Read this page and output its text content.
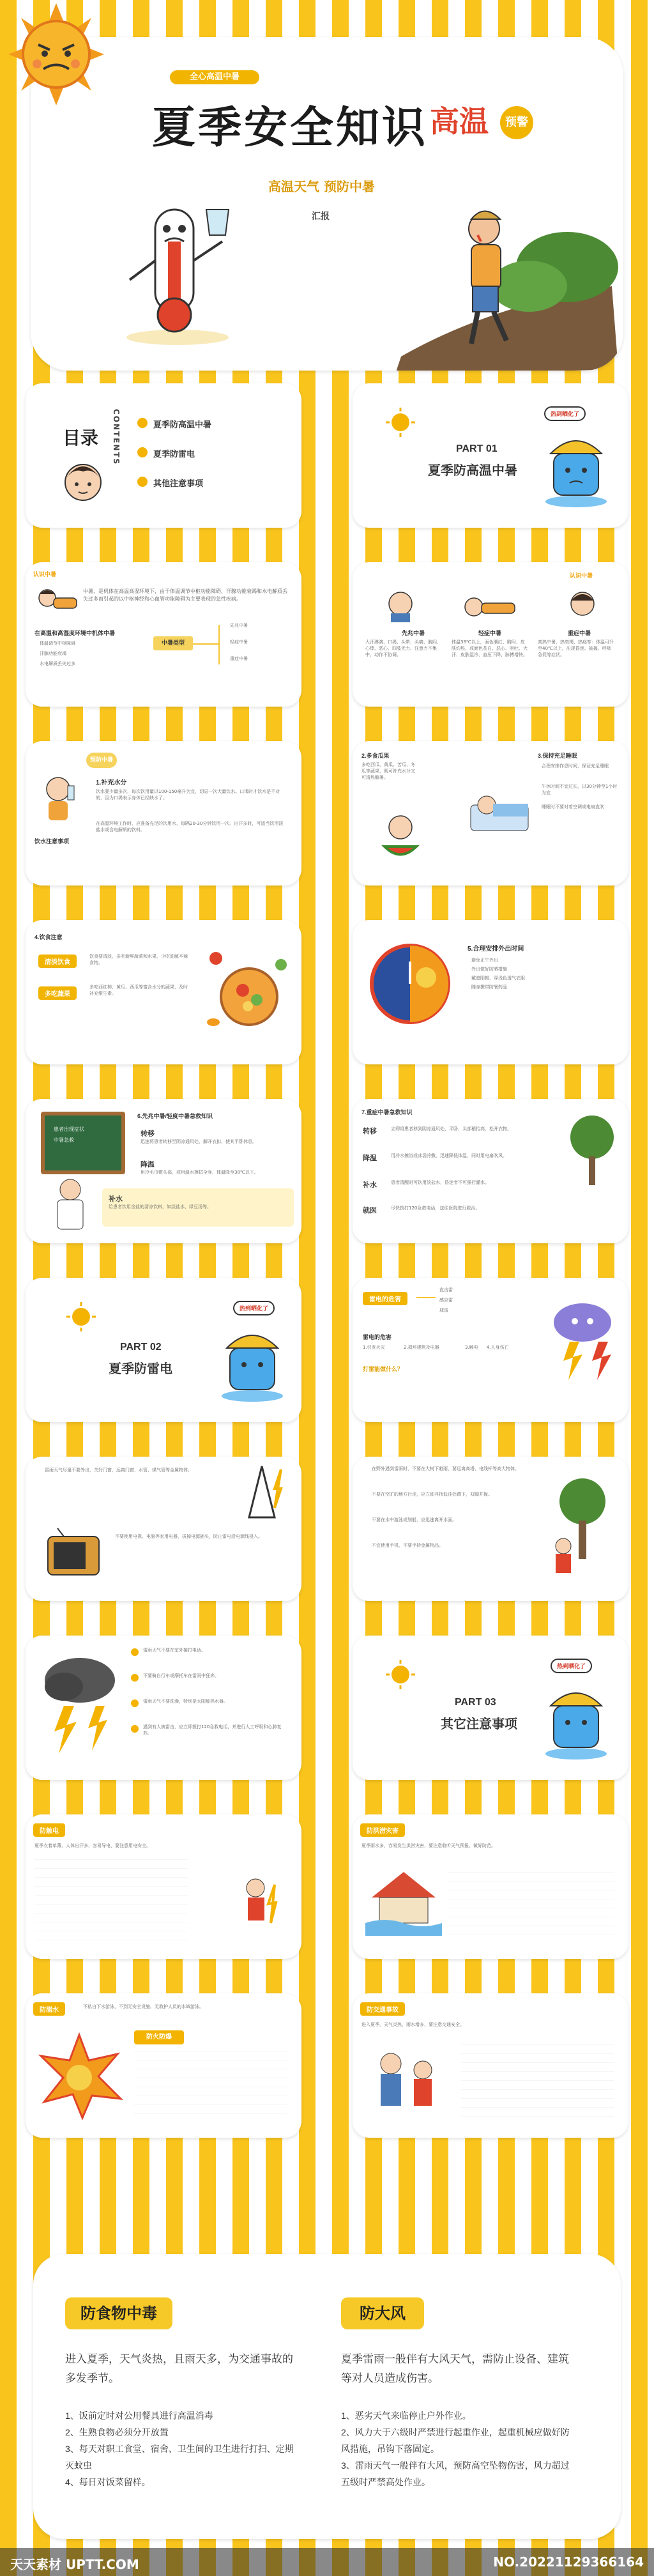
全心高温中暑
夏季安全知识 高温	预警
高温天气 预防中暑
汇报
目录 CONTENTS	夏季防高温中暑
夏季防雷电
其他注意事项
PART 01
夏季防高温中暑
热到晒化了
认识中暑
中暑，是机体在高温高湿环境下，由于体温调节中枢功能障碍、汗腺功能衰竭和水电解质丢失过多而引起的以中枢神经和心血管功能障碍为主要表现的急性疾病。
在高温和高湿度环境中机体中暑
体温调节中枢障碍
汗腺功能衰竭
水电解质丢失过多
中暑类型
先兆中暑
轻症中暑
重症中暑
认识中暑
先兆中暑
大汗淋漓、口渴、头晕、头痛、胸闷、心悸、恶心、四肢无力、注意力不集中、动作不协调。
轻症中暑
体温38℃以上，面色潮红、胸闷、皮肤灼热，或面色苍白、恶心、呕吐、大汗、皮肤湿冷、血压下降、脉搏增快。
重症中暑
高热中暑、热衰竭、热痉挛：体温可升至40℃以上，出现昏迷、抽搐、呼吸急促等症状。
预防中暑
饮水注意事项
1.补充水分
饮水要少量多次，每次饮用量以100-150毫升为宜，切忌一次大量饮水。口渴时才饮水是不对的，因为口渴表示身体已经缺水了。
在高温环境工作时，应准备充足的饮用水，每隔20-30分钟饮用一次。出汗多时，可适当饮用淡盐水或含电解质的饮料。
2.多食瓜果
多吃西瓜、黄瓜、苦瓜、冬瓜等蔬果，既可补充水分又可清热解暑。
3.保持充足睡眠
合理安排作息时间，保证充足睡眠
午休时间不宜过长，以30分钟至1小时为宜
睡眠时不要对着空调或电扇直吹
4.饮食注意
清淡饮食
多吃蔬果
饮食要清淡，多吃新鲜蔬菜和水果，少吃油腻辛辣食物。
多吃西红柿、黄瓜、西瓜等富含水分的蔬果，及时补充维生素。
5.合理安排外出时间
避免正午外出
外出做好防晒措施
戴遮阳帽、穿浅色透气衣服
随身携带防暑药品
患者出现症状
中暑急救
6.先兆中暑/轻度中暑急救知识
转移
迅速将患者转移至阴凉通风处，解开衣扣，使其平卧休息。
降温
用冷毛巾敷头部，或用温水擦拭全身，体温降至38℃以下。
补水
给患者饮用含盐的清凉饮料，如淡盐水、绿豆汤等。
7.重症中暑急救知识
转移	立即将患者移到阴凉通风处，平卧，头部稍抬高，松开衣物。
降温	用冷水擦浴或冰袋冷敷，迅速降低体温，同时用电扇吹风。
补水	患者清醒时可饮用淡盐水，昏迷者不可强行灌水。
就医	尽快拨打120急救电话，送往医院进行救治。
PART 02
夏季防雷电
热到晒化了
雷电的危害
直击雷
感应雷
球雷
雷电的危害
1.引发火灾	2.损坏建筑及电器	3.触电 4.人身伤亡
打雷能做什么？
雷雨天气尽量不要外出，关好门窗，远离门窗、水管、煤气管等金属物体。
不要使用电视、电脑等家用电器，拔掉电源插头，防止雷电沿电源线侵入。
在野外遇到雷雨时，不要在大树下避雨，要远离高塔、电线杆等高大物体。
不要在空旷的地方行走，应立即寻找低洼处蹲下，双脚并拢。
不要在水中游泳或划船，应迅速离开水面。
不宜使用手机，不要手持金属物品。
雷雨天气不要在室外接打电话。
不要骑自行车或摩托车在雷雨中狂奔。
雷雨天气不要洗澡，特别是太阳能热水器。
遇到有人被雷击，应立即拨打120急救电话，并进行人工呼吸和心肺复苏。
PART 03
其它注意事项
热到晒化了
防触电
夏季衣着单薄，人体出汗多，容易导电，要注意用电安全。
防洪涝灾害
夏季雨水多，容易发生洪涝灾害，要注意收听天气预报，做好防范。
防溺水	不私自下水游泳，不到无安全设施、无救护人员的水域游泳。
防火防爆
防交通事故
进入夏季，天气炎热，雨水增多，要注意交通安全。
防食物中毒
进入夏季，天气炎热，且雨天多，为交通事故的多发季节。
1、饭前定时对公用餐具进行高温消毒
2、生熟食物必须分开放置
3、每天对职工食堂、宿舍、卫生间的卫生进行打扫、定期灭蚊虫
4、每日对饭菜留样。
防大风
夏季雷雨一般伴有大风天气，需防止设备、建筑等对人员造成伤害。
1、恶劣天气来临停止户外作业。
2、风力大于六级时严禁进行起重作业，起重机械应做好防风措施，吊钩下落固定。
3、雷雨天气一般伴有大风，预防高空坠物伤害，风力超过五级时严禁高处作业。
天天素材 UPTT.COM	NO.20221129366164
